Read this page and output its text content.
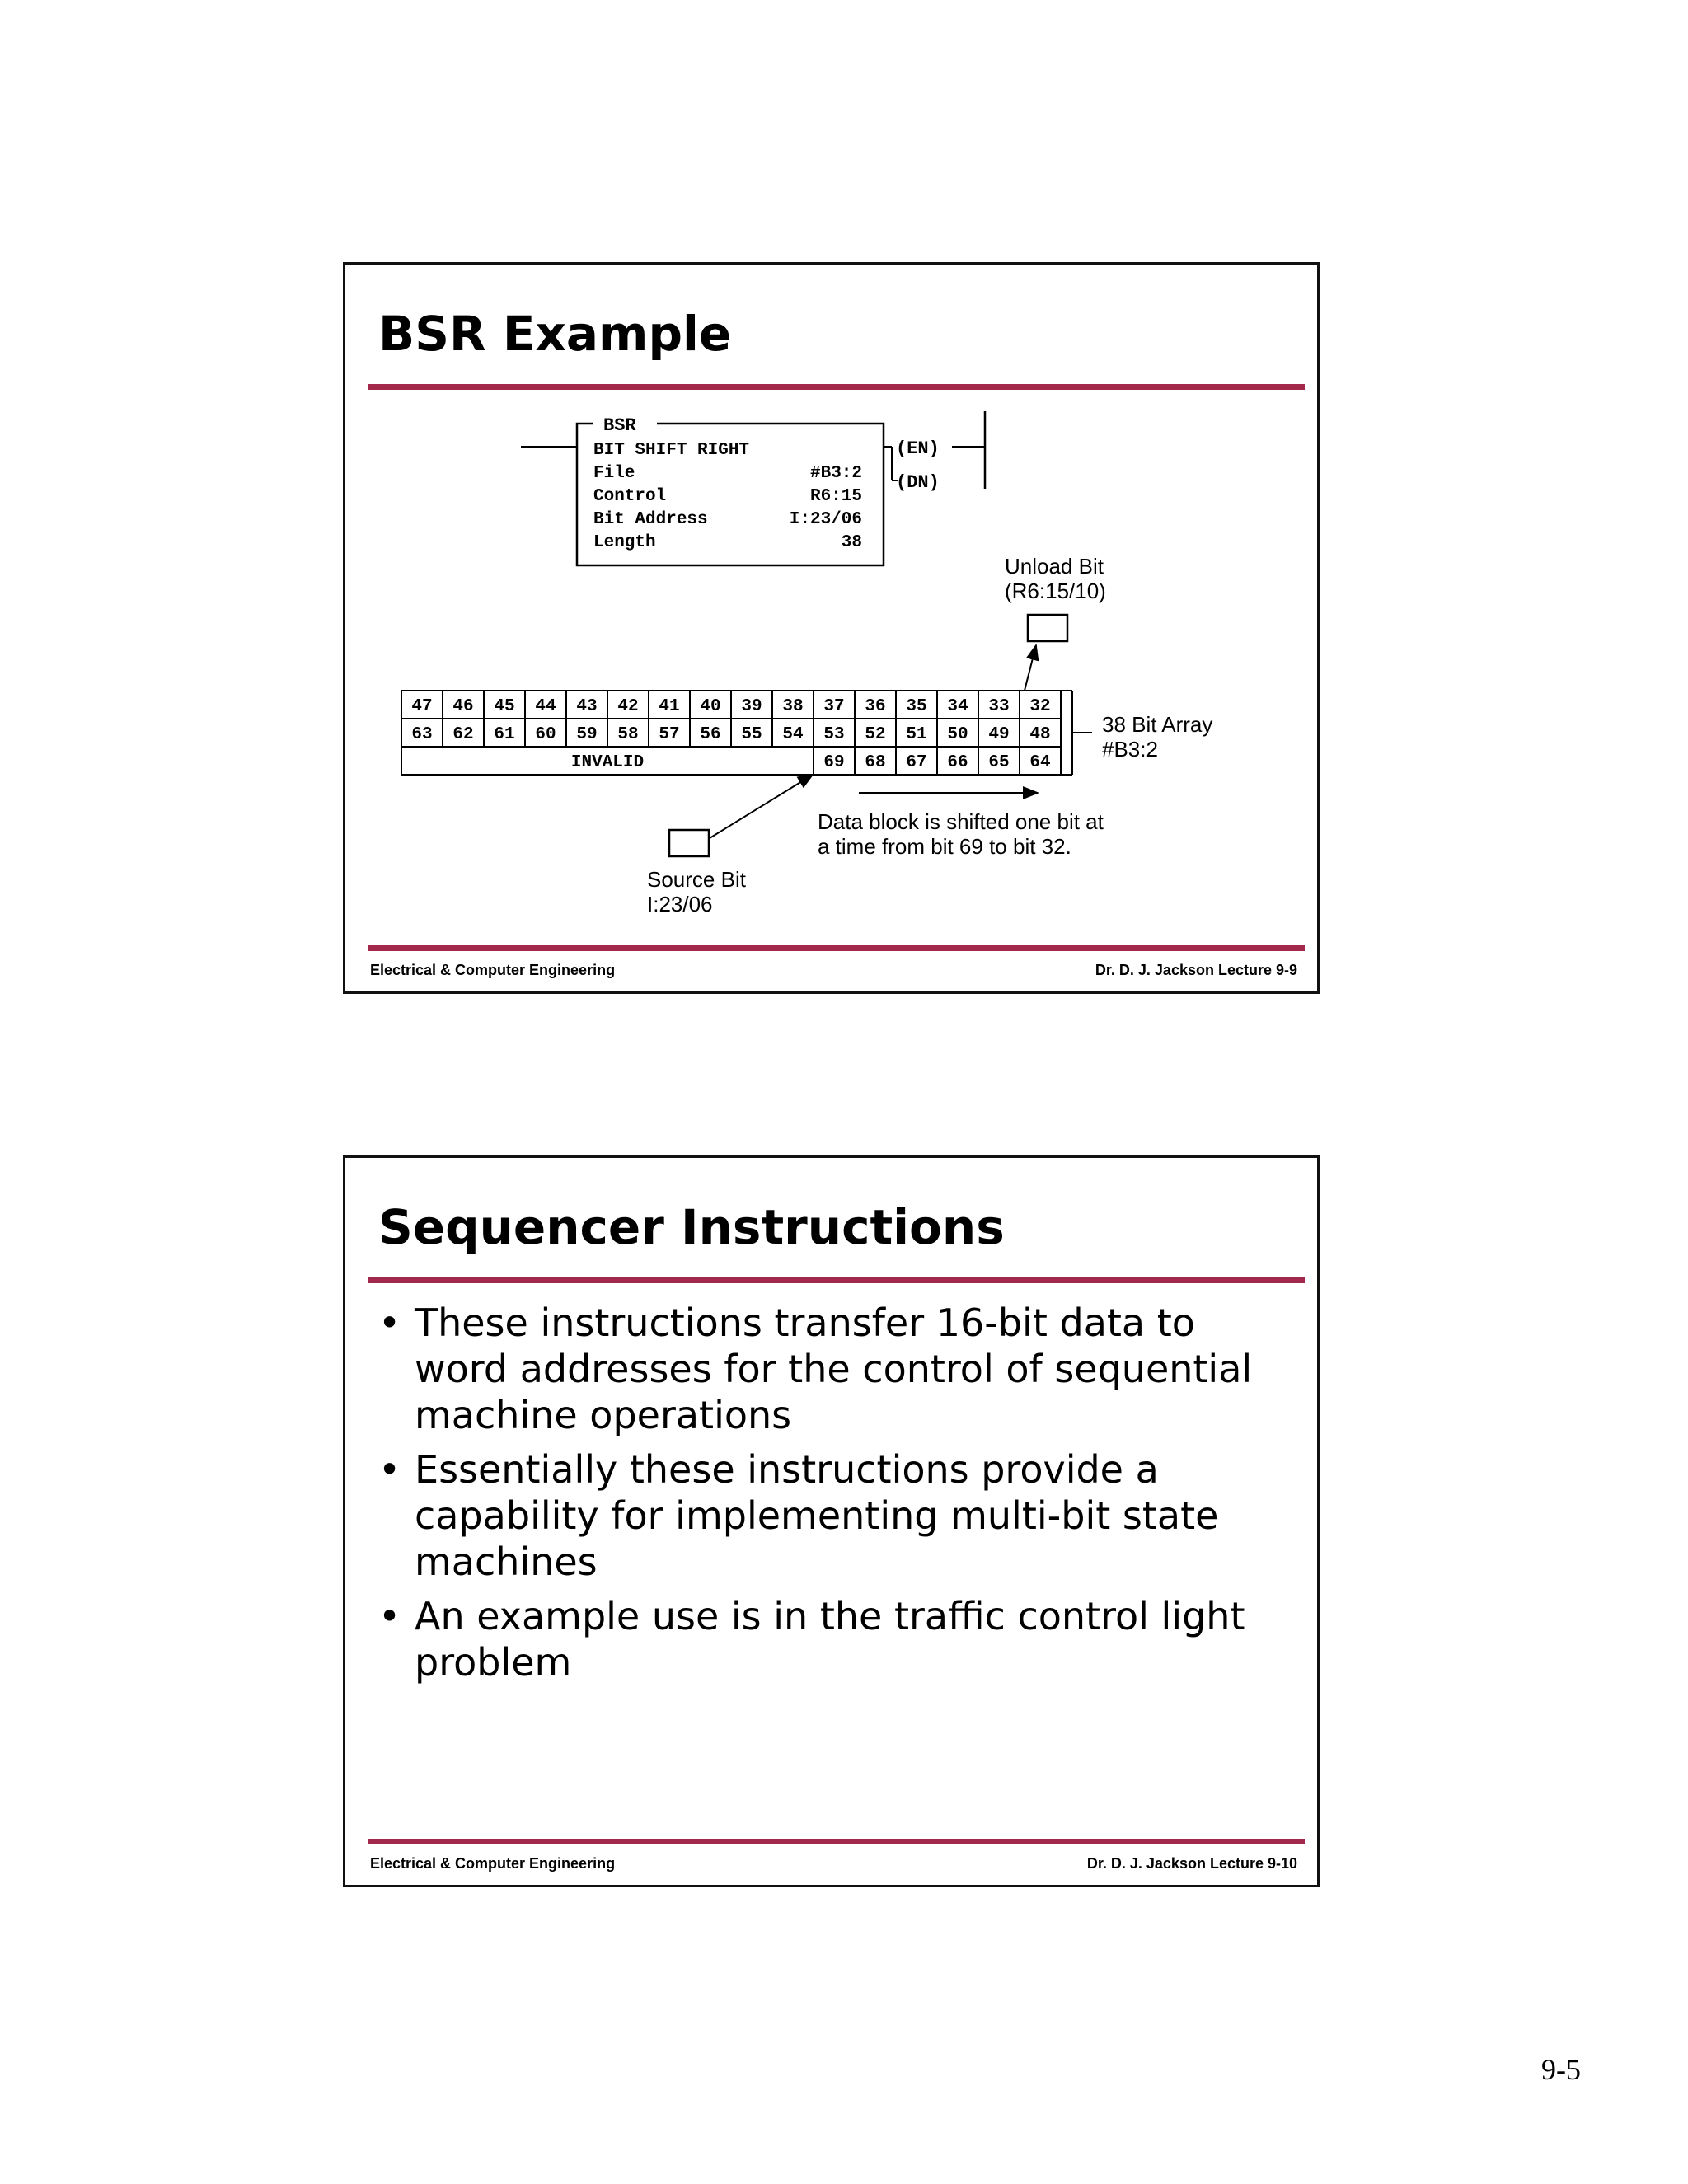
BSR Example
BSR
BIT SHIFT RIGHT
File	#B3:2
Control	R6:15
Bit Address	I:23/06
Length	38
(EN)
(DN)
Unload Bit
(R6:15/10)
47 46 45 44 43 42 41 40 39 38 37 36 35 34 33 32
63 62 61 60 59 58 57 56 55 54 53 52 51 50 49 48
INVALID	69 68 67 66 65 64
38 Bit Array
#B3:2
Data block is shifted one bit at
a time from bit 69 to bit 32.
Source Bit
I:23/06
Electrical & Computer Engineering	Dr. D. J. Jackson Lecture 9-9
Sequencer Instructions
• These instructions transfer 16-bit data to word addresses for the control of sequential machine operations
• Essentially these instructions provide a capability for implementing multi-bit state machines
• An example use is in the traffic control light problem
Electrical & Computer Engineering	Dr. D. J. Jackson Lecture 9-10
9-5
